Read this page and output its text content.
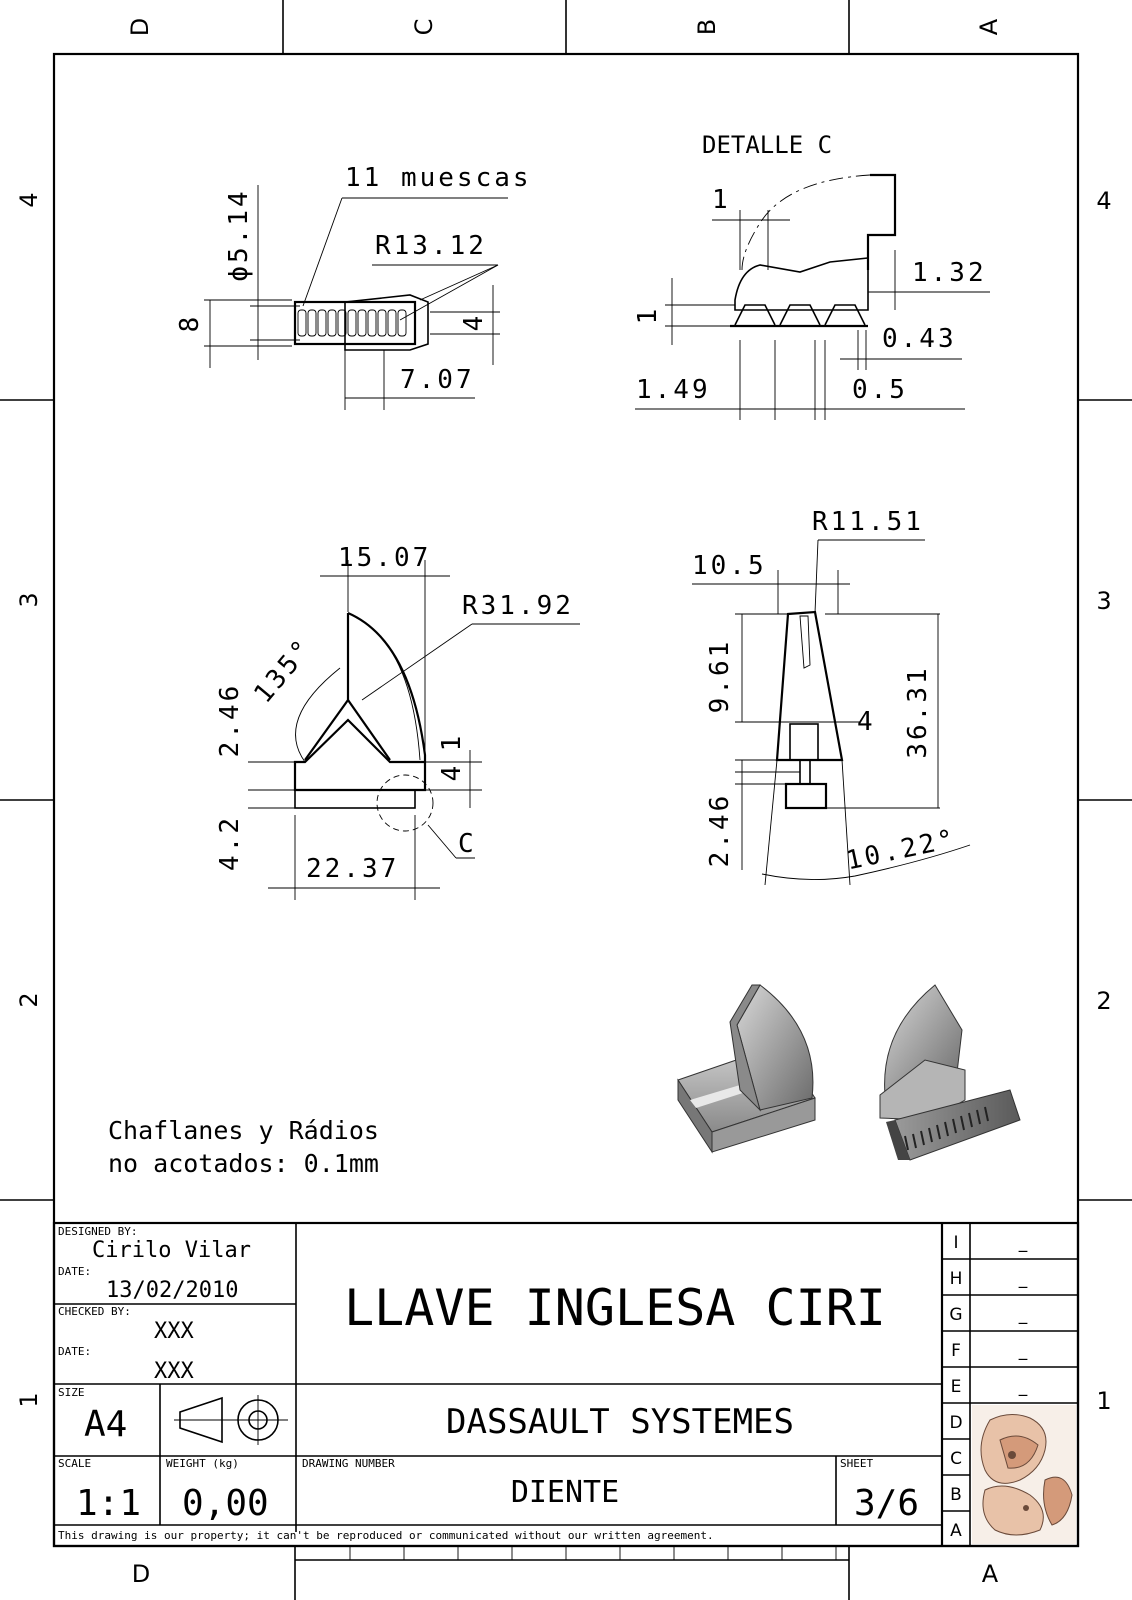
D	C	B	A
D	A
4
3
2
1
4
3
2
1
11 muescas
R13.12
ϕ5.14
8	4
7.07
DETALLE C
1
1.32
1
0.43
1.49	0.5
15.07
R31.92
135°
2.46
4.2
1
4
22.37
C
R11.51
10.5
9.61
2.46
4 36.31
10.22°
Chaflanes y Rádios
no acotados: 0.1mm
DESIGNED BY:
Cirilo Vilar
DATE:
13/02/2010
CHECKED BY:
XXX
DATE:
XXX
SIZE
A4
LLAVE INGLESA CIRI
DASSAULT SYSTEMES
SCALE
1:1
WEIGHT (kg)
0,00
DRAWING NUMBER
DIENTE
SHEET
3/6
This drawing is our property; it can't be reproduced or communicated without our written agreement.
I	_
H	_
G	_
F	_
E	_
D
C
B
A
